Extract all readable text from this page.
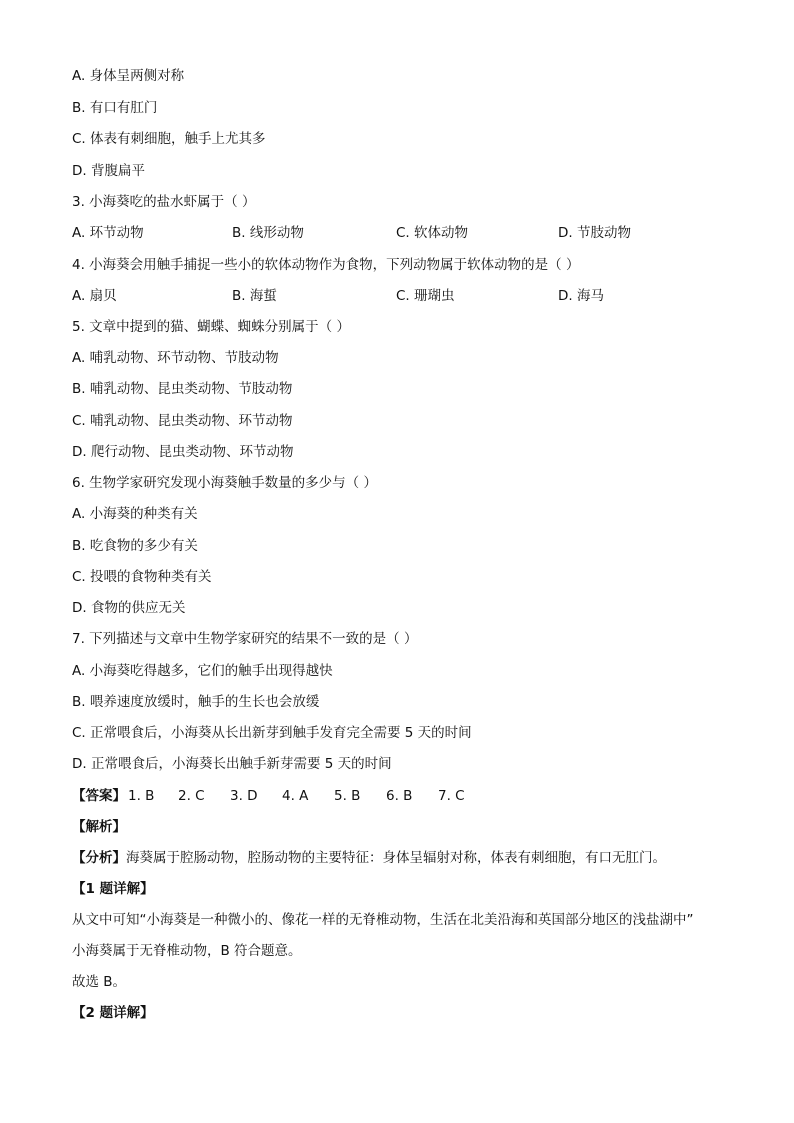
A. 身体呈两侧对称
B. 有口有肛门
C. 体表有刺细胞，触手上尤其多
D. 背腹扁平
3. 小海葵吃的盐水虾属于（ ）
A. 环节动物	B. 线形动物	C. 软体动物	D. 节肢动物
4. 小海葵会用触手捕捉一些小的软体动物作为食物，下列动物属于软体动物的是（ ）
A. 扇贝	B. 海蜇	C. 珊瑚虫	D. 海马
5. 文章中提到的猫、蝴蝶、蜘蛛分别属于（ ）
A. 哺乳动物、环节动物、节肢动物
B. 哺乳动物、昆虫类动物、节肢动物
C. 哺乳动物、昆虫类动物、环节动物
D. 爬行动物、昆虫类动物、环节动物
6. 生物学家研究发现小海葵触手数量的多少与（ ）
A. 小海葵的种类有关
B. 吃食物的多少有关
C. 投喂的食物种类有关
D. 食物的供应无关
7. 下列描述与文章中生物学家研究的结果不一致的是（ ）
A. 小海葵吃得越多，它们的触手出现得越快
B. 喂养速度放缓时，触手的生长也会放缓
C. 正常喂食后，小海葵从长出新芽到触手发育完全需要 5 天的时间
D. 正常喂食后，小海葵长出触手新芽需要 5 天的时间
【答案】 1. B 2. C 3. D 4. A 5. B 6. B 7. C
【解析】
【分析】海葵属于腔肠动物，腔肠动物的主要特征：身体呈辐射对称，体表有刺细胞，有口无肛门。
【1 题详解】
从文中可知“小海葵是一种微小的、像花一样的无脊椎动物，生活在北美沿海和英国部分地区的浅盐湖中”
小海葵属于无脊椎动物，B 符合题意。
故选 B。
【2 题详解】
